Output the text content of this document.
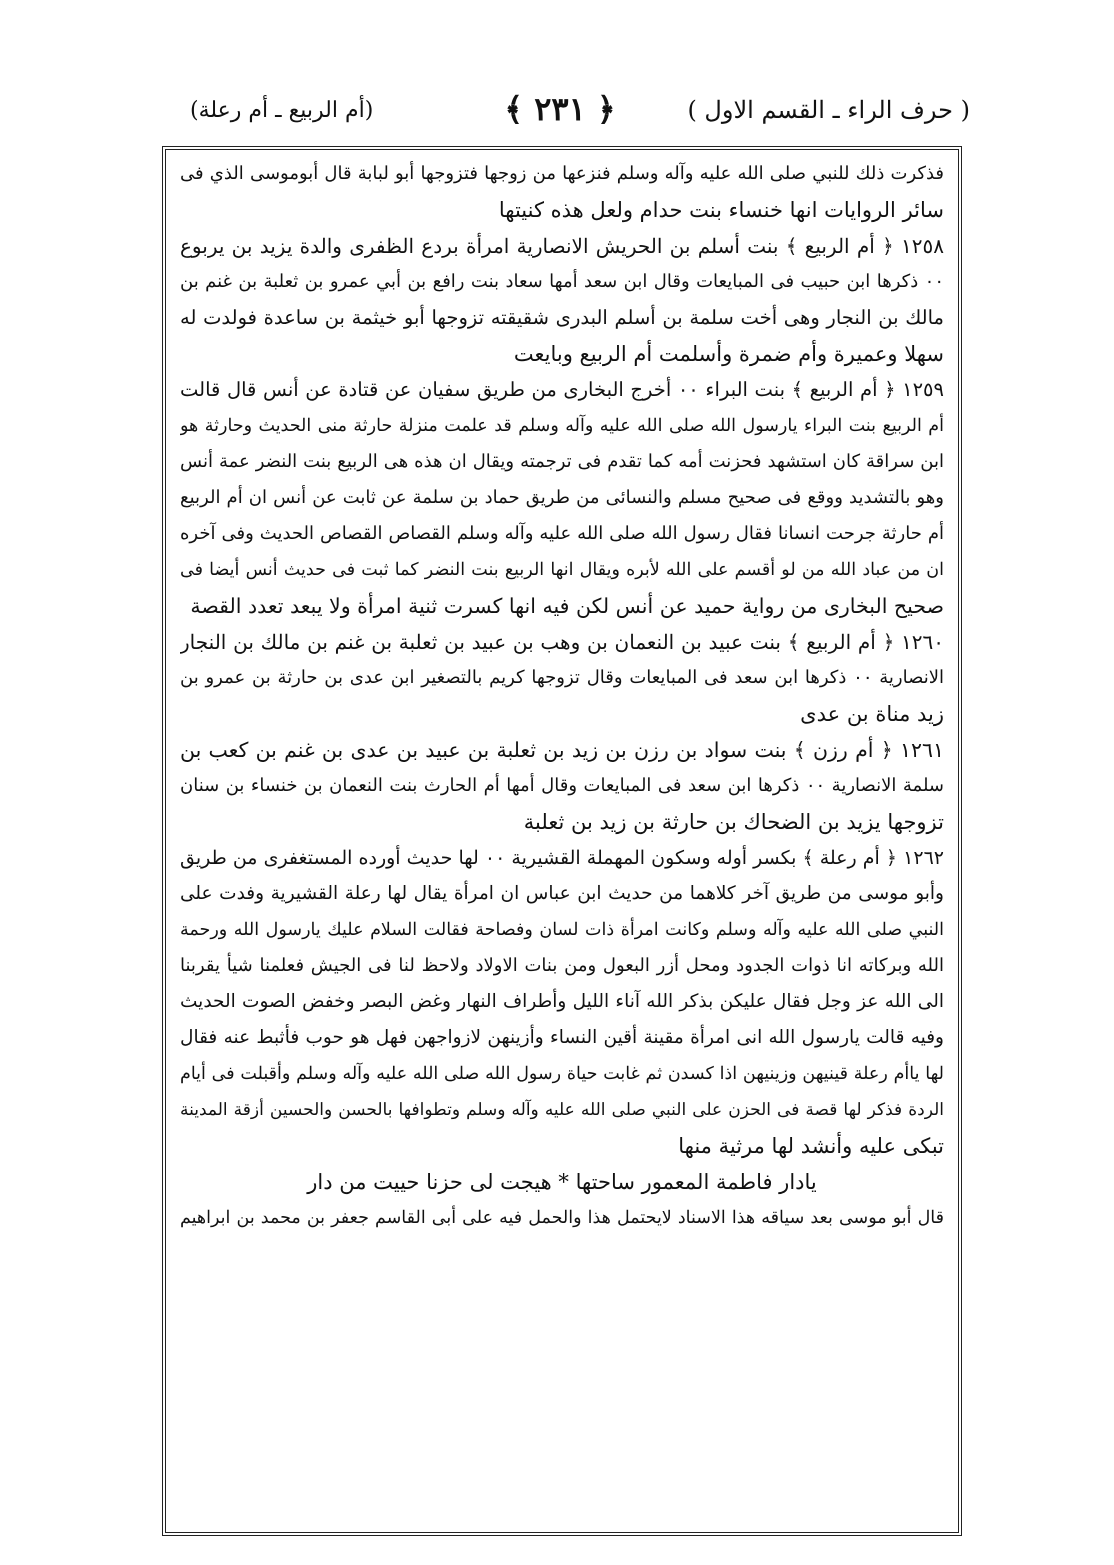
( حرف الراء ـ القسم الاول )
﴿ ٢٣١ ﴾
(أم الربيع ـ أم رعلة)
فذكرت ذلك للنبي صلى الله عليه وآله وسلم فنزعها من زوجها فتزوجها أبو لبابة قال أبوموسى الذي فى
سائر الروايات انها خنساء بنت حدام ولعل هذه كنيتها
١٢٥٨ ﴿ أم الربيع ﴾ بنت أسلم بن الحريش الانصارية امرأة بردع الظفرى والدة يزيد بن يربوع
٠٠ ذكرها ابن حبيب فى المبايعات وقال ابن سعد أمها سعاد بنت رافع بن أبي عمرو بن ثعلبة بن غنم بن
مالك بن النجار وهى أخت سلمة بن أسلم البدرى شقيقته تزوجها أبو خيثمة بن ساعدة فولدت له
سهلا وعميرة وأم ضمرة وأسلمت أم الربيع وبايعت
١٢٥٩ ﴿ أم الربيع ﴾ بنت البراء ٠٠ أخرج البخارى من طريق سفيان عن قتادة عن أنس قال قالت
أم الربيع بنت البراء يارسول الله صلى الله عليه وآله وسلم قد علمت منزلة حارثة منى الحديث وحارثة هو
ابن سراقة كان استشهد فحزنت أمه كما تقدم فى ترجمته ويقال ان هذه هى الربيع بنت النضر عمة أنس
وهو بالتشديد ووقع فى صحيح مسلم والنسائى من طريق حماد بن سلمة عن ثابت عن أنس ان أم الربيع
أم حارثة جرحت انسانا فقال رسول الله صلى الله عليه وآله وسلم القصاص القصاص الحديث وفى آخره
ان من عباد الله من لو أقسم على الله لأبره ويقال انها الربيع بنت النضر كما ثبت فى حديث أنس أيضا فى
صحيح البخارى من رواية حميد عن أنس لكن فيه انها كسرت ثنية امرأة ولا يبعد تعدد القصة
١٢٦٠ ﴿ أم الربيع ﴾ بنت عبيد بن النعمان بن وهب بن عبيد بن ثعلبة بن غنم بن مالك بن النجار
الانصارية ٠٠ ذكرها ابن سعد فى المبايعات وقال تزوجها كريم بالتصغير ابن عدى بن حارثة بن عمرو بن
زيد مناة بن عدى
١٢٦١ ﴿ أم رزن ﴾ بنت سواد بن رزن بن زيد بن ثعلبة بن عبيد بن عدى بن غنم بن كعب بن
سلمة الانصارية ٠٠ ذكرها ابن سعد فى المبايعات وقال أمها أم الحارث بنت النعمان بن خنساء بن سنان
تزوجها يزيد بن الضحاك بن حارثة بن زيد بن ثعلبة
١٢٦٢ ﴿ أم رعلة ﴾ بكسر أوله وسكون المهملة القشيرية ٠٠ لها حديث أورده المستغفرى من طريق
وأبو موسى من طريق آخر كلاهما من حديث ابن عباس ان امرأة يقال لها رعلة القشيرية وفدت على
النبي صلى الله عليه وآله وسلم وكانت امرأة ذات لسان وفصاحة فقالت السلام عليك يارسول الله ورحمة
الله وبركاته انا ذوات الجدود ومحل أزر البعول ومن بنات الاولاد ولاحظ لنا فى الجيش فعلمنا شيأ يقربنا
الى الله عز وجل فقال عليكن بذكر الله آناء الليل وأطراف النهار وغض البصر وخفض الصوت الحديث
وفيه قالت يارسول الله انى امرأة مقينة أقين النساء وأزينهن لازواجهن فهل هو حوب فأثبط عنه فقال
لها ياأم رعلة قينيهن وزينيهن اذا كسدن ثم غابت حياة رسول الله صلى الله عليه وآله وسلم وأقبلت فى أيام
الردة فذكر لها قصة فى الحزن على النبي صلى الله عليه وآله وسلم وتطوافها بالحسن والحسين أزقة المدينة
تبكى عليه وأنشد لها مرثية منها
يادار فاطمة المعمور ساحتها * هيجت لى حزنا حييت من دار
قال أبو موسى بعد سياقه هذا الاسناد لايحتمل هذا والحمل فيه على أبى القاسم جعفر بن محمد بن ابراهيم
